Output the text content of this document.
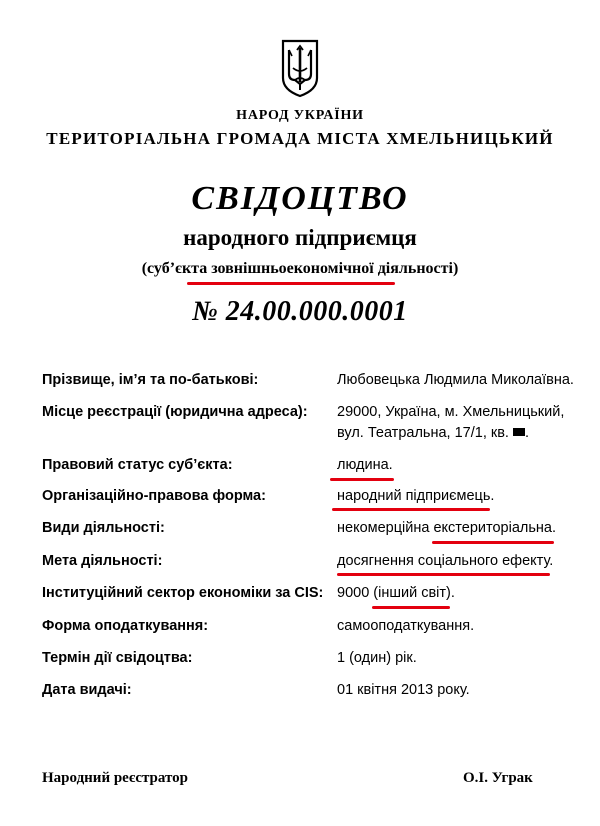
НАРОД УКРАЇНИ
ТЕРИТОРІАЛЬНА ГРОМАДА МІСТА ХМЕЛЬНИЦЬКИЙ
СВІДОЦТВО
народного підприємця
(суб’єкта зовнішньоекономічної діяльності)
№ 24.00.000.0001
Прізвище, ім’я та по-батькові:	Любовецька Людмила Миколаївна.
Місце реєстрації (юридична адреса): 29000, Україна, м. Хмельницький,
вул. Театральна, 17/1, кв. .
Правовий статус суб’єкта:	людина.
Організаційно-правова форма:	народний підприємець.
Види діяльності:	некомерційна екстериторіальна.
Мета діяльності:	досягнення соціального ефекту.
Інституційний сектор економіки за CIS: 9000 (інший світ).
Форма оподаткування:	самооподаткування.
Термін дії свідоцтва:	1 (один) рік.
Дата видачі:	01 квітня 2013 року.
Народний реєстратор	О.І. Уграк
